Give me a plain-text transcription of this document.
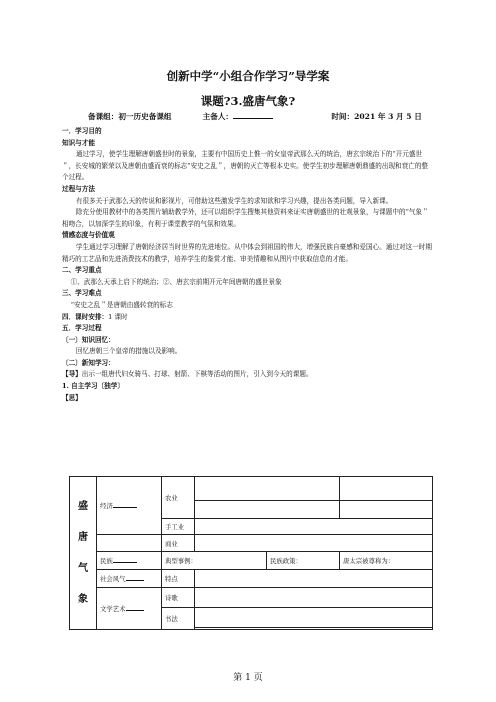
创新中学“小组合作学习”导学案
课题?3.盛唐气象?
备课组：初一历史备课组	主备人：	时间：2021 年 3 月 5 日

一．学习目的

知识与才能

通过学习，使学生理解唐朝盛世时的景象，主要有中国历史上惟一的女皇帝武那么天的统治，唐玄宗统治下的“开元盛世＂，长安城的繁荣以及唐朝由盛而衰的标志“安史之乱＂，唐朝的灭亡等根本史实。使学生初步理解唐朝鼎盛的出现和衰亡的整个过程。

过程与方法

有很多关于武那么天的传说和影视片，可借助这些激发学生的求知欲和学习兴趣，提出各类问题，导入新课。

除充分使用教材中的各类图片辅助教学外，还可以组织学生搜集其他资料来证实唐朝盛世的壮观景象，与课题中的“气象＂相吻合，以加深学生的印象，有利于课堂教学的气氛和效果。

情感态度与价值观

学生通过学习理解了唐朝经济居当时世界的先进地位。从中体会到祖国的伟大，增强民族自豪感和爱国心。通过对这一时期精巧的工艺品和先进消费技术的教学，培养学生的鉴赏才能、审美情趣和从图片中获取信息的才能。

二、学习重点

①、武那么天承上启下的统治；②、唐玄宗前期开元年间唐朝的盛世景象

三、学习难点

“安史之乱＂是唐朝由盛转衰的标志

四．课时安排：1 课时

五．学习过程

〔一〕知识回忆：

回忆唐朝三个皇帝的措施以及影响。

〔二〕新知学习：

【导】出示一组唐代妇女骑马、打球、射箭、下棋等活动的图片，引入到今天的课题。

1. 自主学习〔独学〕

【思】

盛
唐
气
象	经济	农业			

		手工业			
		商业			
	民族	典型事例：		民族政策：	唐太宗被尊称为：
	社会风气	特点			
	文学艺术	诗歌			
		书法			

第 1 页
